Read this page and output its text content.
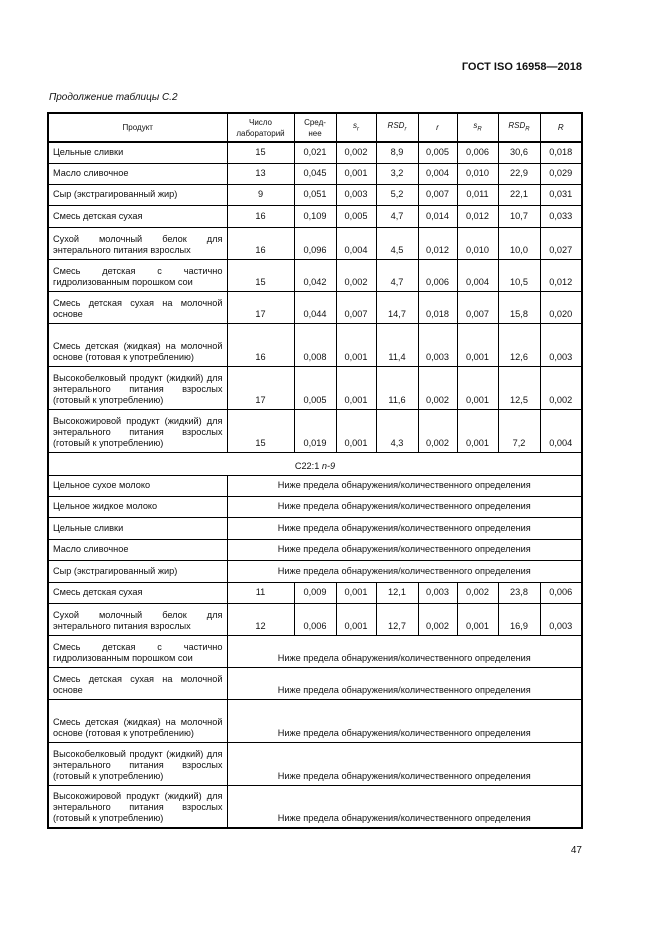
ГОСТ ISO 16958—2018
Продолжение таблицы С.2
Продукт	Число лабораторий	Сред-нее	$s_r$	$RSD_r$	r	$s_R$	$RSD_R$	R
Цельные сливки	15	0,021	0,002	8,9	0,005	0,006	30,6	0,018
Масло сливочное	13	0,045	0,001	3,2	0,004	0,010	22,9	0,029
Сыр (экстрагированный жир)	9	0,051	0,003	5,2	0,007	0,011	22,1	0,031
Смесь детская сухая	16	0,109	0,005	4,7	0,014	0,012	10,7	0,033
Сухой молочный белок для энтерального питания взрослых	16	0,096	0,004	4,5	0,012	0,010	10,0	0,027
Смесь детская с частично гидролизованным порошком сои	15	0,042	0,002	4,7	0,006	0,004	10,5	0,012
Смесь детская сухая на молочной основе	17	0,044	0,007	14,7	0,018	0,007	15,8	0,020
Смесь детская (жидкая) на молочной основе (готовая к употреблению)	16	0,008	0,001	11,4	0,003	0,001	12,6	0,003
Высокобелковый продукт (жидкий) для энтерального питания взрослых (готовый к употреблению)	17	0,005	0,001	11,6	0,002	0,001	12,5	0,002
Высокожировой продукт (жидкий) для энтерального питания взрослых (готовый к употреблению)	15	0,019	0,001	4,3	0,002	0,001	7,2	0,004
C22:1 n-9								
Цельное сухое молоко	Ниже предела обнаружения/количественного определения							
Цельное жидкое молоко	Ниже предела обнаружения/количественного определения							
Цельные сливки	Ниже предела обнаружения/количественного определения							
Масло сливочное	Ниже предела обнаружения/количественного определения							
Сыр (экстрагированный жир)	Ниже предела обнаружения/количественного определения							
Смесь детская сухая	11	0,009	0,001	12,1	0,003	0,002	23,8	0,006
Сухой молочный белок для энтерального питания взрослых	12	0,006	0,001	12,7	0,002	0,001	16,9	0,003
Смесь детская с частично гидролизованным порошком сои	Ниже предела обнаружения/количественного определения							
Смесь детская сухая на молочной основе	Ниже предела обнаружения/количественного определения							
Смесь детская (жидкая) на молочной основе (готовая к употреблению)	Ниже предела обнаружения/количественного определения							
Высокобелковый продукт (жидкий) для энтерального питания взрослых (готовый к употреблению)	Ниже предела обнаружения/количественного определения							
Высокожировой продукт (жидкий) для энтерального питания взрослых (готовый к употреблению)	Ниже предела обнаружения/количественного определения							
47
